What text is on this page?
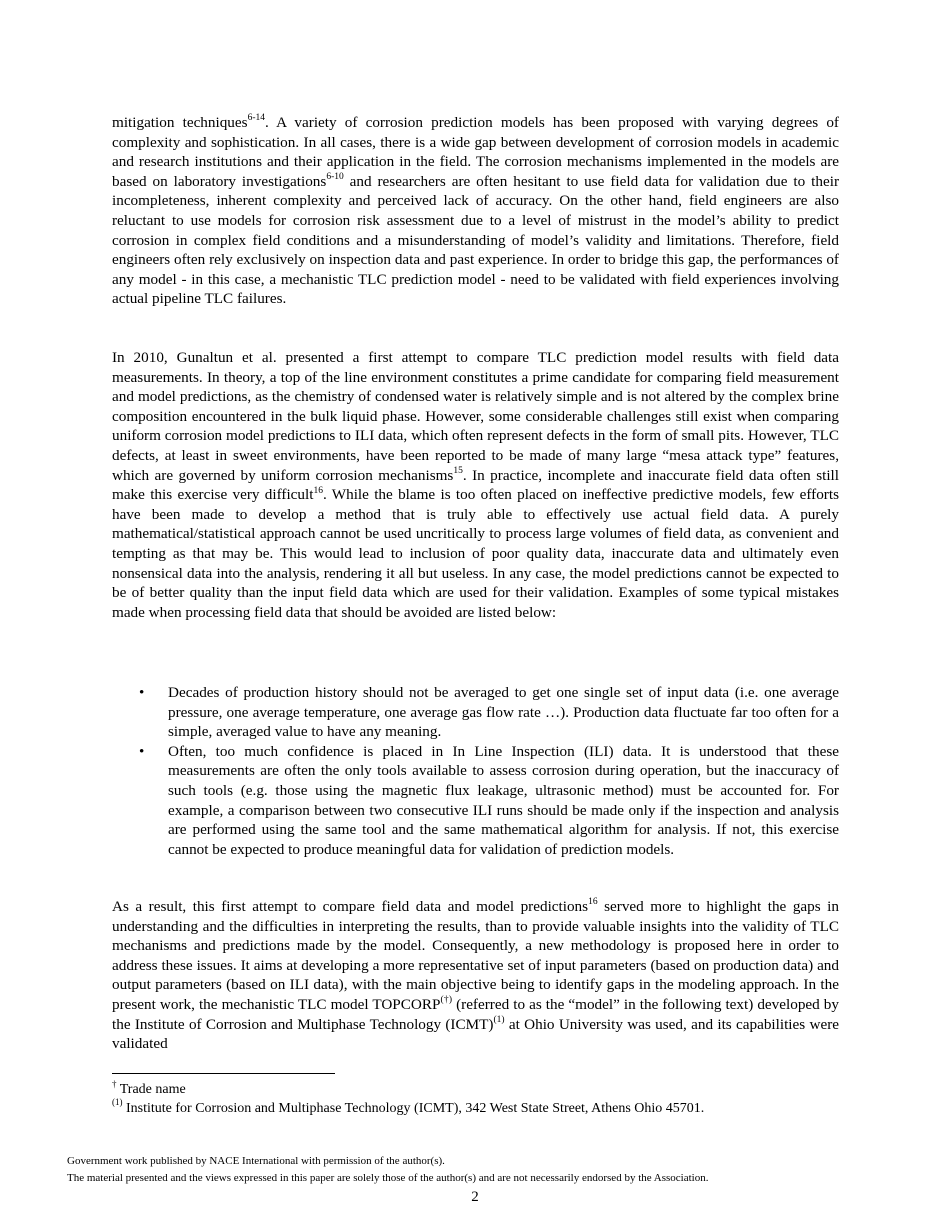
mitigation techniques$^{6-14}$. A variety of corrosion prediction models has been proposed with varying degrees of complexity and sophistication. In all cases, there is a wide gap between development of corrosion models in academic and research institutions and their application in the field. The corrosion mechanisms implemented in the models are based on laboratory investigations$^{6-10}$ and researchers are often hesitant to use field data for validation due to their incompleteness, inherent complexity and perceived lack of accuracy. On the other hand, field engineers are also reluctant to use models for corrosion risk assessment due to a level of mistrust in the model’s ability to predict corrosion in complex field conditions and a misunderstanding of model’s validity and limitations. Therefore, field engineers often rely exclusively on inspection data and past experience. In order to bridge this gap, the performances of any model - in this case, a mechanistic TLC prediction model - need to be validated with field experiences involving actual pipeline TLC failures.

In 2010, Gunaltun et al. presented a first attempt to compare TLC prediction model results with field data measurements. In theory, a top of the line environment constitutes a prime candidate for comparing field measurement and model predictions, as the chemistry of condensed water is relatively simple and is not altered by the complex brine composition encountered in the bulk liquid phase. However, some considerable challenges still exist when comparing uniform corrosion model predictions to ILI data, which often represent defects in the form of small pits. However, TLC defects, at least in sweet environments, have been reported to be made of many large “mesa attack type” features, which are governed by uniform corrosion mechanisms$^{15}$. In practice, incomplete and inaccurate field data often still make this exercise very difficult$^{16}$. While the blame is too often placed on ineffective predictive models, few efforts have been made to develop a method that is truly able to effectively use actual field data. A purely mathematical/statistical approach cannot be used uncritically to process large volumes of field data, as convenient and tempting as that may be. This would lead to inclusion of poor quality data, inaccurate data and ultimately even nonsensical data into the analysis, rendering it all but useless. In any case, the model predictions cannot be expected to be of better quality than the input field data which are used for their validation. Examples of some typical mistakes made when processing field data that should be avoided are listed below:

• Decades of production history should not be averaged to get one single set of input data (i.e. one average pressure, one average temperature, one average gas flow rate …). Production data fluctuate far too often for a simple, averaged value to have any meaning.
• Often, too much confidence is placed in In Line Inspection (ILI) data. It is understood that these measurements are often the only tools available to assess corrosion during operation, but the inaccuracy of such tools (e.g. those using the magnetic flux leakage, ultrasonic method) must be accounted for. For example, a comparison between two consecutive ILI runs should be made only if the inspection and analysis are performed using the same tool and the same mathematical algorithm for analysis. If not, this exercise cannot be expected to produce meaningful data for validation of prediction models.

As a result, this first attempt to compare field data and model predictions$^{16}$ served more to highlight the gaps in understanding and the difficulties in interpreting the results, than to provide valuable insights into the validity of TLC mechanisms and predictions made by the model. Consequently, a new methodology is proposed here in order to address these issues. It aims at developing a more representative set of input parameters (based on production data) and output parameters (based on ILI data), with the main objective being to identify gaps in the modeling approach. In the present work, the mechanistic TLC model TOPCORP(†) (referred to as the “model” in the following text) developed by the Institute of Corrosion and Multiphase Technology (ICMT)$^{(1)}$ at Ohio University was used, and its capabilities were validated

† Trade name

$^{(1)}$ Institute for Corrosion and Multiphase Technology (ICMT), 342 West State Street, Athens Ohio 45701.

Government work published by NACE International with permission of the author(s).

The material presented and the views expressed in this paper are solely those of the author(s) and are not necessarily endorsed by the Association.

2
